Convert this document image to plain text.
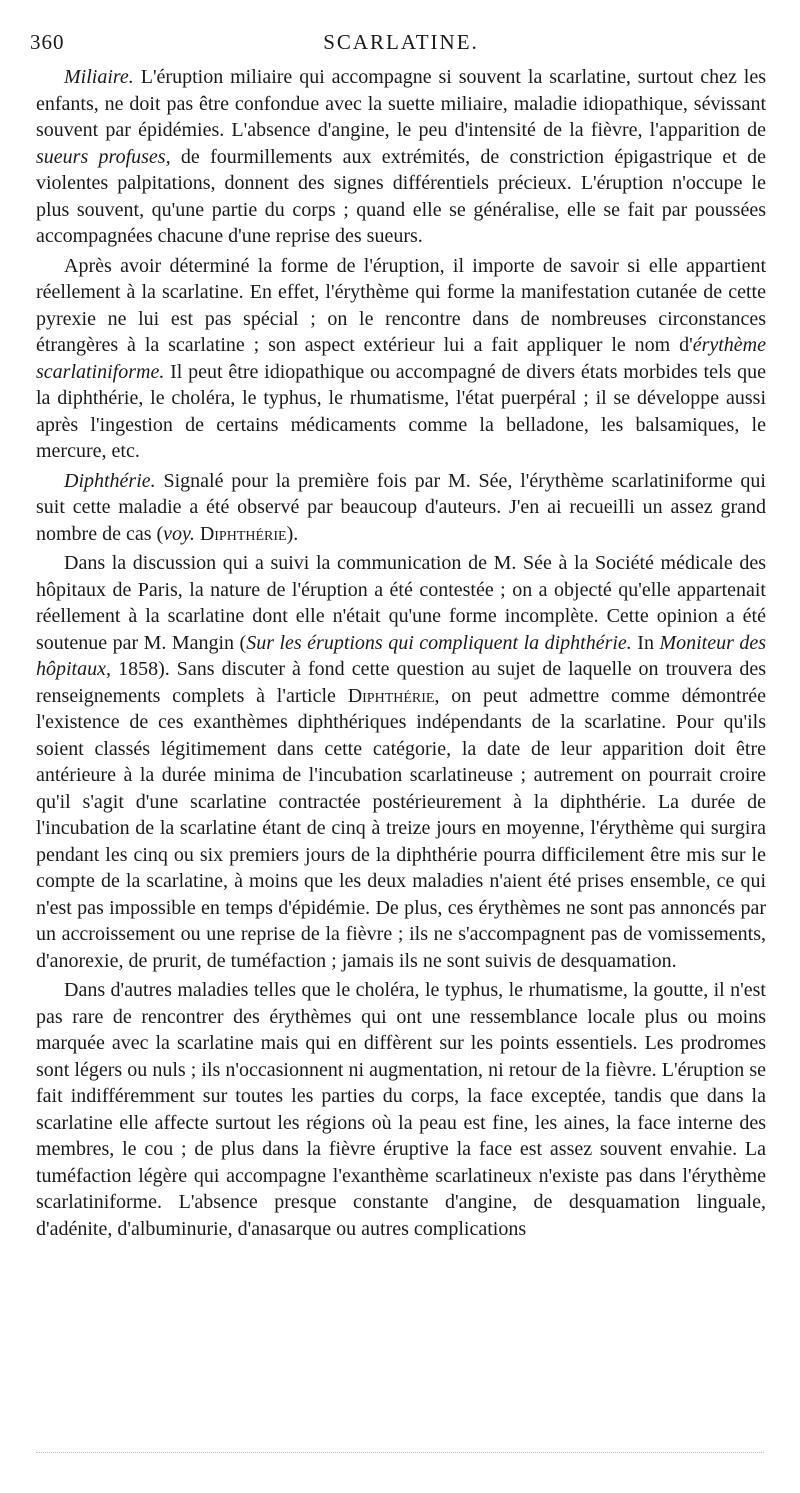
360	SCARLATINE.

Miliaire. L'éruption miliaire qui accompagne si souvent la scarlatine, surtout chez les enfants, ne doit pas être confondue avec la suette miliaire, maladie idiopathique, sévissant souvent par épidémies. L'absence d'angine, le peu d'intensité de la fièvre, l'apparition de sueurs profuses, de fourmillements aux extrémités, de constriction épigastrique et de violentes palpitations, donnent des signes différentiels précieux. L'éruption n'occupe le plus souvent, qu'une partie du corps ; quand elle se généralise, elle se fait par poussées accompagnées chacune d'une reprise des sueurs.

Après avoir déterminé la forme de l'éruption, il importe de savoir si elle appartient réellement à la scarlatine. En effet, l'érythème qui forme la manifestation cutanée de cette pyrexie ne lui est pas spécial ; on le rencontre dans de nombreuses circonstances étrangères à la scarlatine ; son aspect extérieur lui a fait appliquer le nom d'érythème scarlatiniforme. Il peut être idiopathique ou accompagné de divers états morbides tels que la diphthérie, le choléra, le typhus, le rhumatisme, l'état puerpéral ; il se développe aussi après l'ingestion de certains médicaments comme la belladone, les balsamiques, le mercure, etc.

Diphthérie. Signalé pour la première fois par M. Sée, l'érythème scarlatiniforme qui suit cette maladie a été observé par beaucoup d'auteurs. J'en ai recueilli un assez grand nombre de cas (voy. Diphthérie).

Dans la discussion qui a suivi la communication de M. Sée à la Société médicale des hôpitaux de Paris, la nature de l'éruption a été contestée ; on a objecté qu'elle appartenait réellement à la scarlatine dont elle n'était qu'une forme incomplète. Cette opinion a été soutenue par M. Mangin (Sur les éruptions qui compliquent la diphthérie. In Moniteur des hôpitaux, 1858). Sans discuter à fond cette question au sujet de laquelle on trouvera des renseignements complets à l'article Diphthérie, on peut admettre comme démontrée l'existence de ces exanthèmes diphthériques indépendants de la scarlatine. Pour qu'ils soient classés légitimement dans cette catégorie, la date de leur apparition doit être antérieure à la durée minima de l'incubation scarlatineuse ; autrement on pourrait croire qu'il s'agit d'une scarlatine contractée postérieurement à la diphthérie. La durée de l'incubation de la scarlatine étant de cinq à treize jours en moyenne, l'érythème qui surgira pendant les cinq ou six premiers jours de la diphthérie pourra difficilement être mis sur le compte de la scarlatine, à moins que les deux maladies n'aient été prises ensemble, ce qui n'est pas impossible en temps d'épidémie. De plus, ces érythèmes ne sont pas annoncés par un accroissement ou une reprise de la fièvre ; ils ne s'accompagnent pas de vomissements, d'anorexie, de prurit, de tuméfaction ; jamais ils ne sont suivis de desquamation.

Dans d'autres maladies telles que le choléra, le typhus, le rhumatisme, la goutte, il n'est pas rare de rencontrer des érythèmes qui ont une ressemblance locale plus ou moins marquée avec la scarlatine mais qui en diffèrent sur les points essentiels. Les prodromes sont légers ou nuls ; ils n'occasionnent ni augmentation, ni retour de la fièvre. L'éruption se fait indifféremment sur toutes les parties du corps, la face exceptée, tandis que dans la scarlatine elle affecte surtout les régions où la peau est fine, les aines, la face interne des membres, le cou ; de plus dans la fièvre éruptive la face est assez souvent envahie. La tuméfaction légère qui accompagne l'exanthème scarlatineux n'existe pas dans l'érythème scarlatiniforme. L'absence presque constante d'angine, de desquamation linguale, d'adénite, d'albuminurie, d'anasarque ou autres complications
